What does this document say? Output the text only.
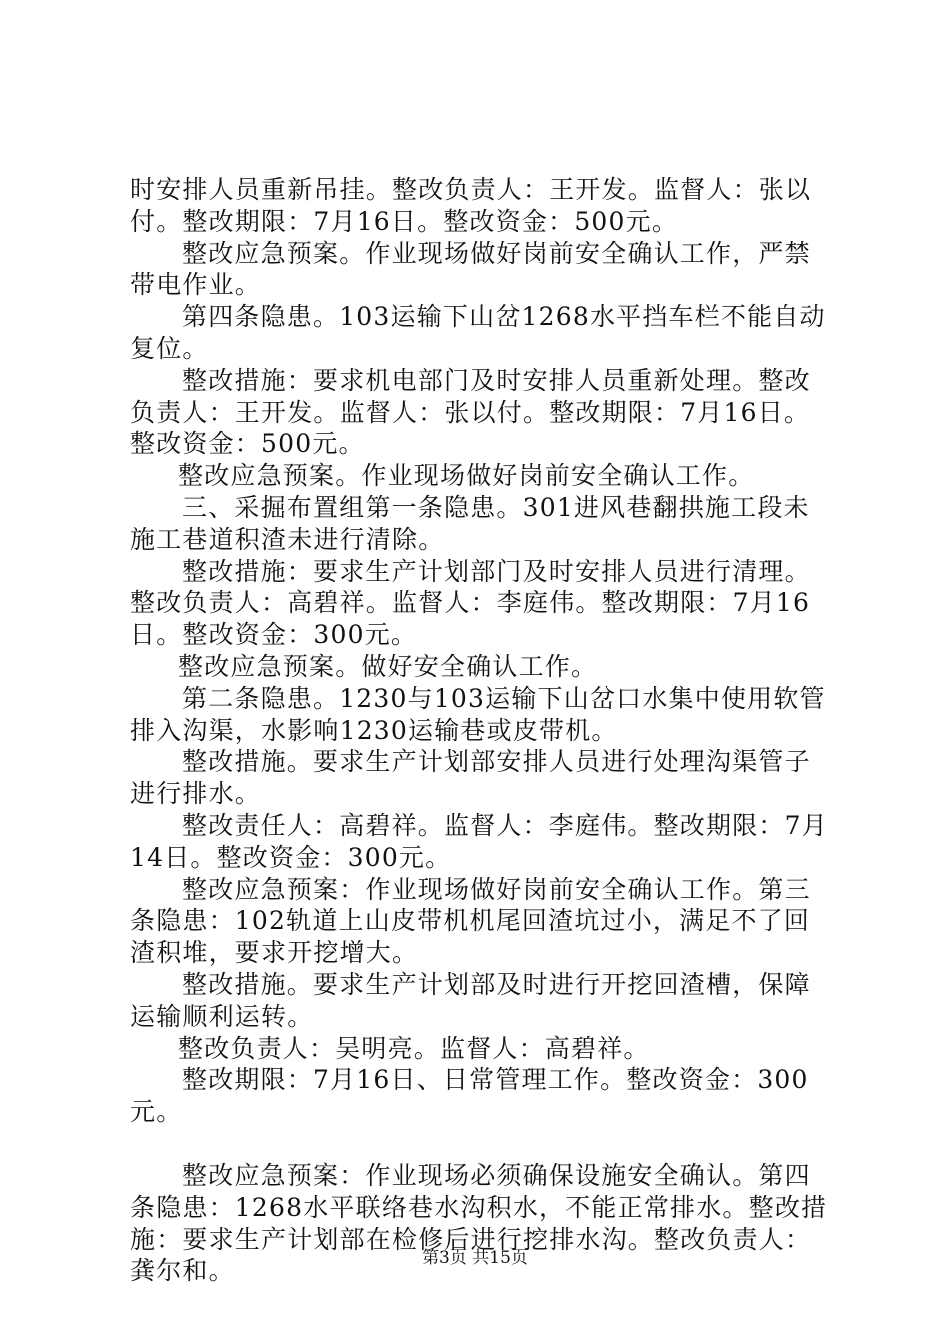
时安排人员重新吊挂。整改负责人：王开发。监督人：张以付。整改期限：7月16日。整改资金：500元。

整改应急预案。作业现场做好岗前安全确认工作，严禁带电作业。

第四条隐患。103运输下山岔1268水平挡车栏不能自动复位。

整改措施：要求机电部门及时安排人员重新处理。整改负责人：王开发。监督人：张以付。整改期限：7月16日。整改资金：500元。

整改应急预案。作业现场做好岗前安全确认工作。

三、采掘布置组第一条隐患。301进风巷翻拱施工段未施工巷道积渣未进行清除。

整改措施：要求生产计划部门及时安排人员进行清理。整改负责人：高碧祥。监督人：李庭伟。整改期限：7月16日。整改资金：300元。

整改应急预案。做好安全确认工作。

第二条隐患。1230与103运输下山岔口水集中使用软管排入沟渠，水影响1230运输巷或皮带机。

整改措施。要求生产计划部安排人员进行处理沟渠管子进行排水。

整改责任人：高碧祥。监督人：李庭伟。整改期限：7月14日。整改资金：300元。

整改应急预案：作业现场做好岗前安全确认工作。第三条隐患：102轨道上山皮带机机尾回渣坑过小，满足不了回渣积堆，要求开挖增大。

整改措施。要求生产计划部及时进行开挖回渣槽，保障运输顺利运转。

整改负责人：吴明亮。监督人：高碧祥。

整改期限：7月16日、日常管理工作。整改资金：300元。

整改应急预案：作业现场必须确保设施安全确认。第四条隐患：1268水平联络巷水沟积水，不能正常排水。整改措施：要求生产计划部在检修后进行挖排水沟。整改负责人：龚尔和。	第3页 共15页
